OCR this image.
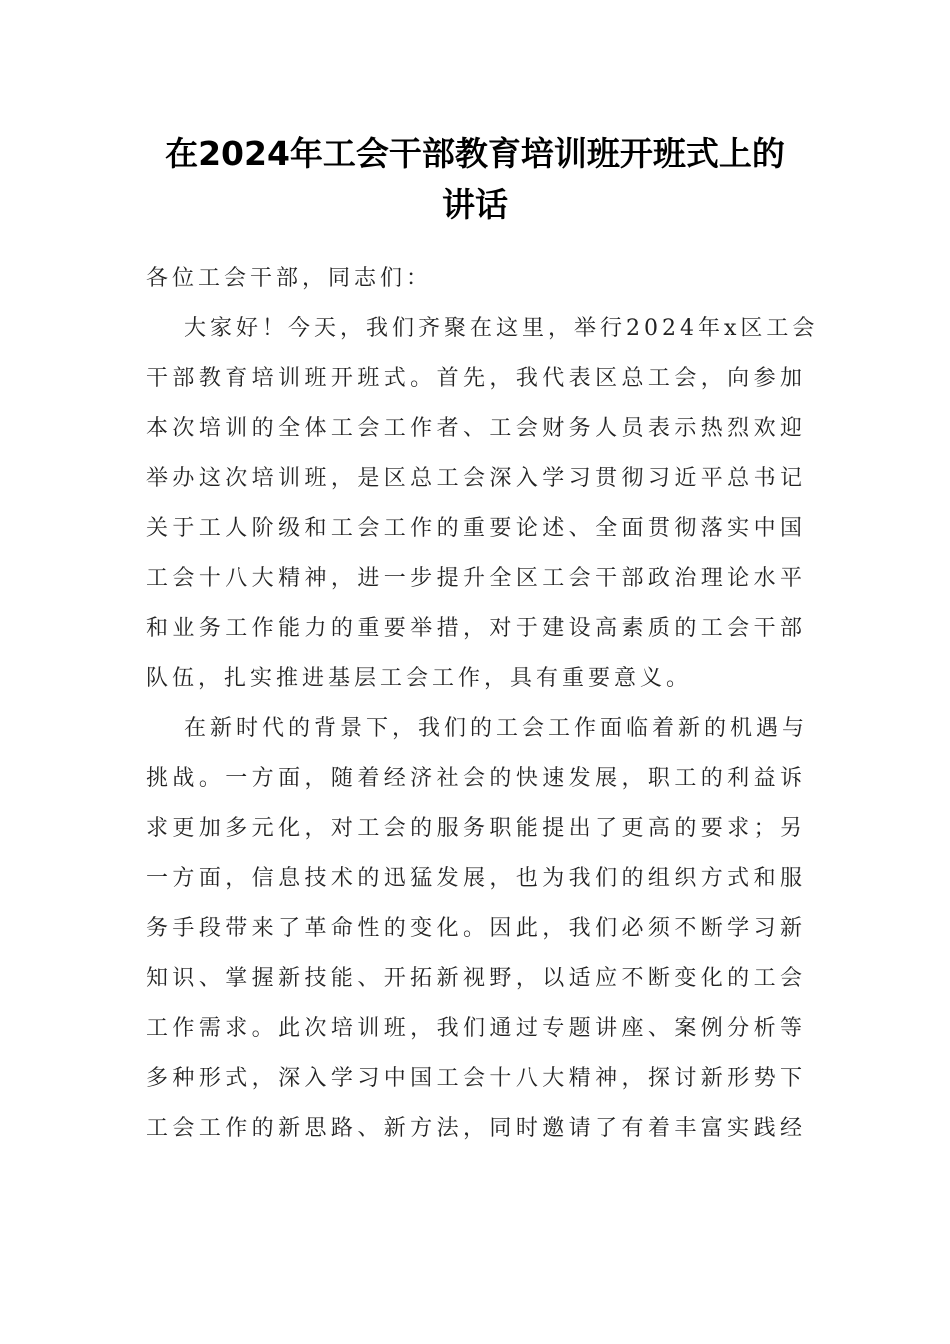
在2024年工会干部教育培训班开班式上的
讲话
各位工会干部，同志们：
大家好！今天，我们齐聚在这里，举行2024年x区工会
干部教育培训班开班式。首先，我代表区总工会，向参加
本次培训的全体工会工作者、工会财务人员表示热烈欢迎
举办这次培训班，是区总工会深入学习贯彻习近平总书记
关于工人阶级和工会工作的重要论述、全面贯彻落实中国
工会十八大精神，进一步提升全区工会干部政治理论水平
和业务工作能力的重要举措，对于建设高素质的工会干部
队伍，扎实推进基层工会工作，具有重要意义。
在新时代的背景下，我们的工会工作面临着新的机遇与
挑战。一方面，随着经济社会的快速发展，职工的利益诉
求更加多元化，对工会的服务职能提出了更高的要求；另
一方面，信息技术的迅猛发展，也为我们的组织方式和服
务手段带来了革命性的变化。因此，我们必须不断学习新
知识、掌握新技能、开拓新视野，以适应不断变化的工会
工作需求。此次培训班，我们通过专题讲座、案例分析等
多种形式，深入学习中国工会十八大精神，探讨新形势下
工会工作的新思路、新方法，同时邀请了有着丰富实践经
